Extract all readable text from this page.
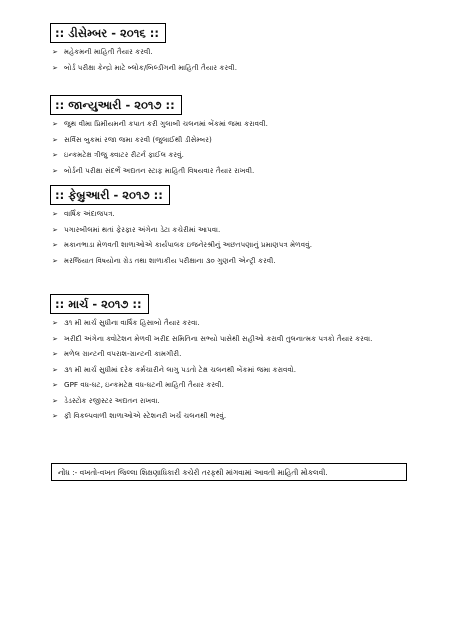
:: ડીસેમ્બર - ૨૦૧૬ ::
➢ મહેકમની માહિતી તૈયાર કરવી.
➢ બોર્ડ પરીક્ષા કેન્દ્રો માટે બ્લોક/બિલ્ડીંગની માહિતી તૈયાર કરવી.
:: જાન્યુઆરી - ૨૦૧૭ ::
➢ જુથ વીમા પ્રિમીયમની કપાત કરી ગુલાબી ચલનમાં બેંકમાં જમા કરાવવી.
➢ સર્વિસ બુકમાં રજા જમા કરવી (જુલાઈથી ડીસેમ્બર)
➢ ઇન્કમટેક્ષ ત્રીજુ ક્વાટર રીટર્ન ફાઈલ કરવું.
➢ બોર્ડની પરીક્ષા સંદર્ભે અદ્યતન સ્ટાફ માહિતી વિષયવાર તૈયાર રાખવી.
:: ફેબ્રુઆરી - ૨૦૧૭ ::
➢ વાર્ષિક અંદાજપત્ર.
➢ પગારબીલમાં થતાં ફેરફાર અંગેના ડેટા કચેરીમાં આપવા.
➢ મકાનભાડા મેળવતી શાળાઓએ કાર્યપાલક ઇજનેરશ્રીનું અછતપણાનું પ્રમાણપત્ર મેળવવું.
➢ મરજિયાત વિષયોના ગ્રેડ તથા શાળાકીય પરીક્ષાના ૩૦ ગુણની એન્ટ્રી કરવી.
:: માર્ચ - ૨૦૧૭ ::
➢ ૩૧ મી માર્ચ સુધીના વાર્ષિક હિસાબો તૈયાર કરવા.
➢ ખરીદી અંગેના ક્વોટેશન મેળવી ખરીદ સમિતિના સભ્યો પાસેથી સહીઓ કરાવી તુલનાત્મક પત્રકો તૈયાર કરવા.
➢ મળેલ ગ્રાન્ટની વપરાશ-ગ્રાન્ટની કામગીરી.
➢ ૩૧ મી માર્ચ સુધીમાં દરેક કર્મચારીને લાગુ પડતો ટેક્ષ ચલનથી બેંકમાં જમા કરાવવો.
➢ GPF વધ-ઘટ, ઇન્કમટેક્ષ વધ-ઘટની માહિતી તૈયાર કરવી.
➢ ડેડસ્ટોક રજીસ્ટર અદ્યતન રાખવા.
➢ ફી વિકલ્પવાળી શાળાઓએ સ્ટેશનરી ખર્ચ ચલનથી ભરવું.
નોંધ :- વખતો-વખત જિલ્લા શિક્ષણાધિકારી કચેરી તરફથી માંગવામાં આવતી માહિતી મોકલવી.
